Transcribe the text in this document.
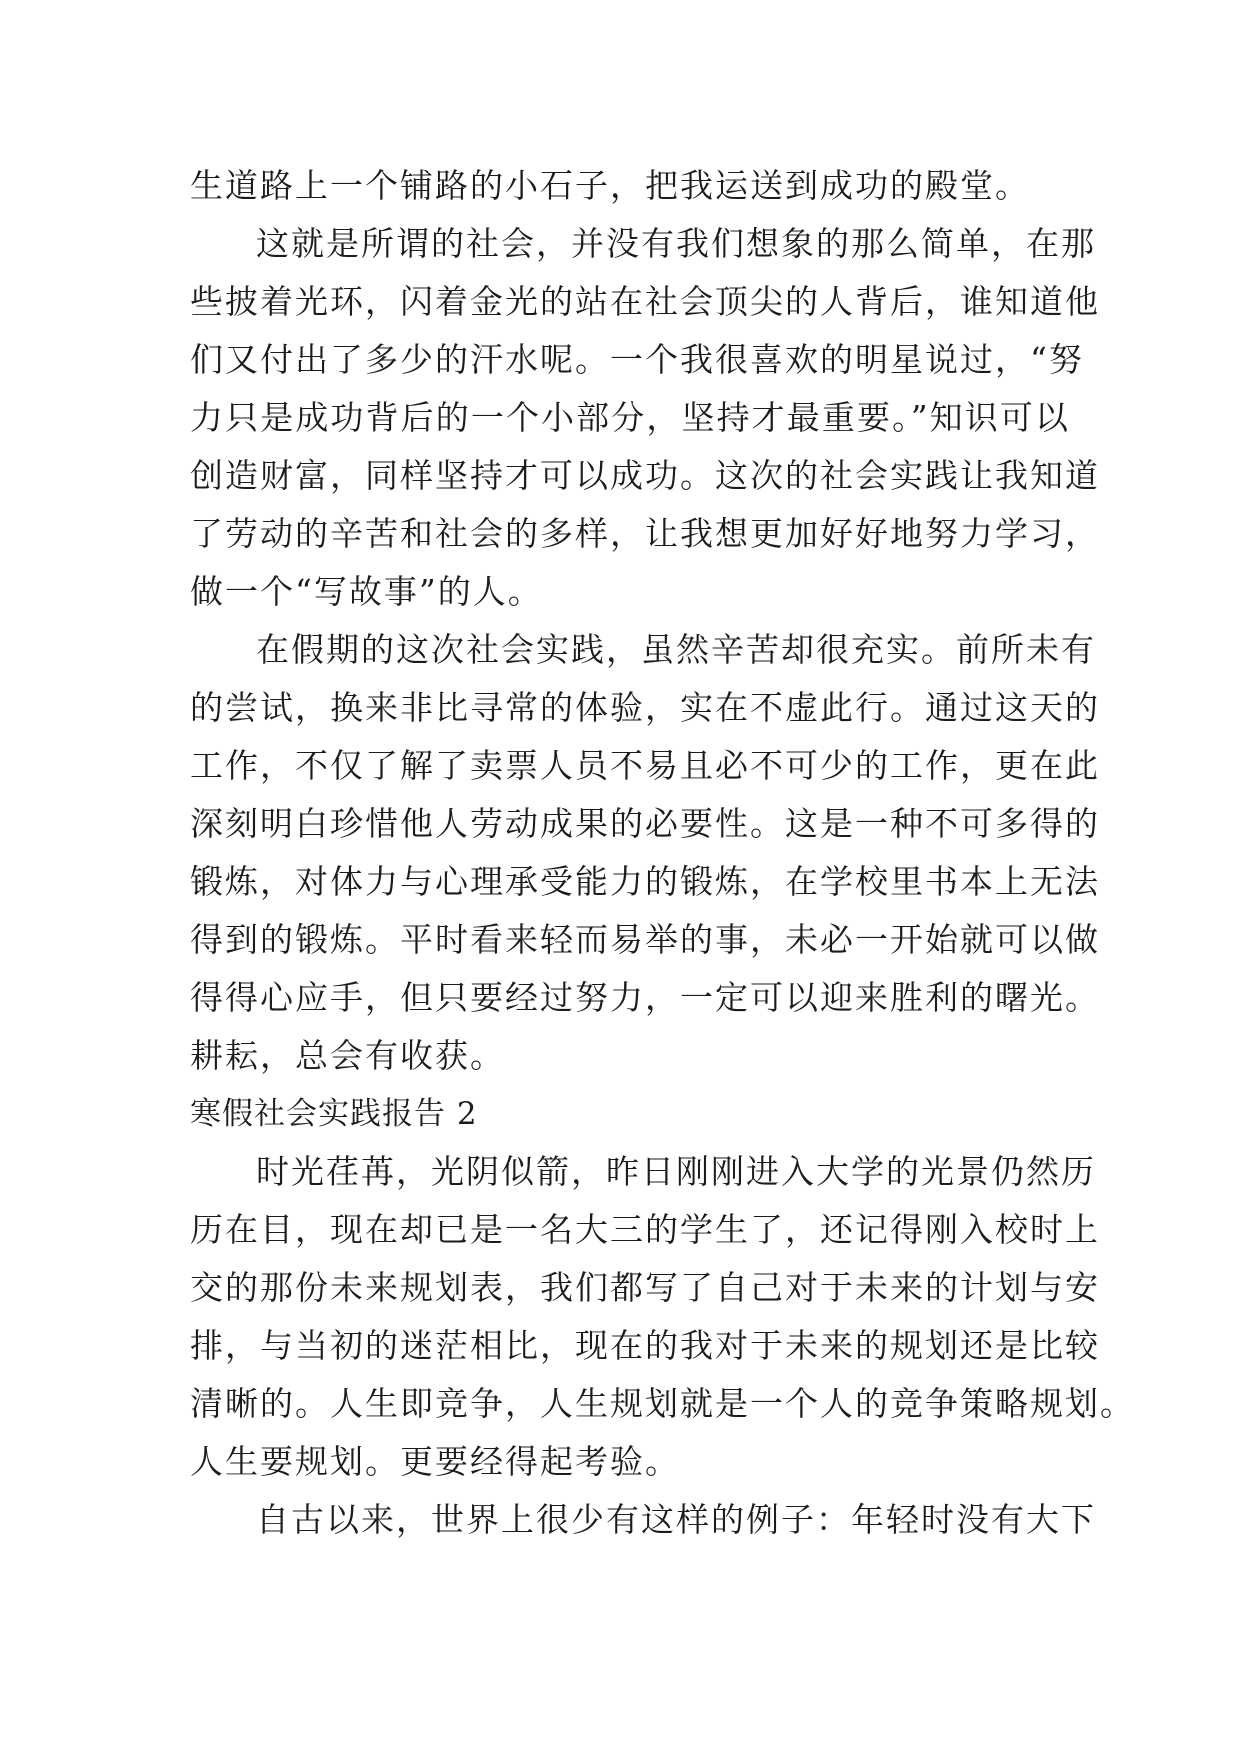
生道路上一个铺路的小石子，把我运送到成功的殿堂。
这就是所谓的社会，并没有我们想象的那么简单，在那
些披着光环，闪着金光的站在社会顶尖的人背后，谁知道他
们又付出了多少的汗水呢。一个我很喜欢的明星说过，“努
力只是成功背后的一个小部分，坚持才最重要。”知识可以
创造财富，同样坚持才可以成功。这次的社会实践让我知道
了劳动的辛苦和社会的多样，让我想更加好好地努力学习，
做一个“写故事”的人。
在假期的这次社会实践，虽然辛苦却很充实。前所未有
的尝试，换来非比寻常的体验，实在不虚此行。通过这天的
工作，不仅了解了卖票人员不易且必不可少的工作，更在此
深刻明白珍惜他人劳动成果的必要性。这是一种不可多得的
锻炼，对体力与心理承受能力的锻炼，在学校里书本上无法
得到的锻炼。平时看来轻而易举的事，未必一开始就可以做
得得心应手，但只要经过努力，一定可以迎来胜利的曙光。
耕耘，总会有收获。
寒假社会实践报告 2
时光荏苒，光阴似箭，昨日刚刚进入大学的光景仍然历
历在目，现在却已是一名大三的学生了，还记得刚入校时上
交的那份未来规划表，我们都写了自己对于未来的计划与安
排，与当初的迷茫相比，现在的我对于未来的规划还是比较
清晰的。人生即竞争，人生规划就是一个人的竞争策略规划。
人生要规划。更要经得起考验。
自古以来，世界上很少有这样的例子：年轻时没有大下
